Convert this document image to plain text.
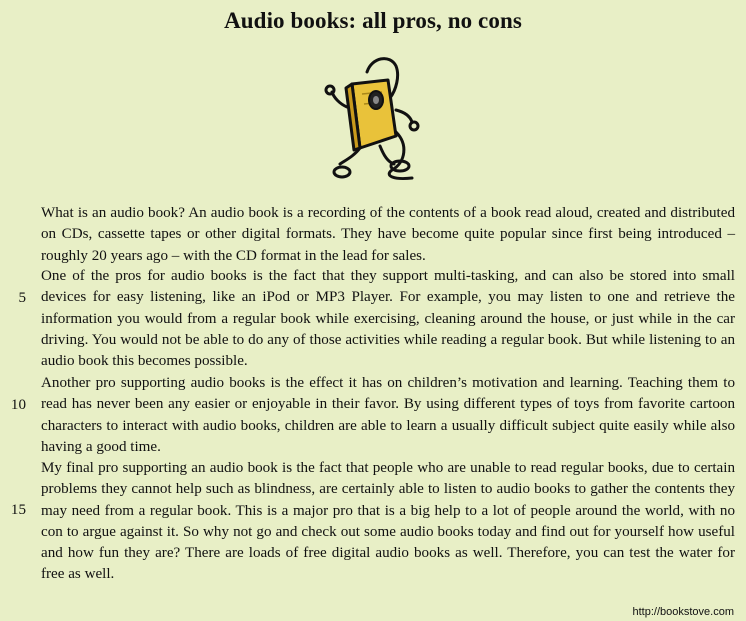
Audio books: all pros, no cons

What is an audio book? An audio book is a recording of the contents of a book read aloud, created and distributed on CDs, cassette tapes or other digital formats. They have become quite popular since first being introduced – roughly 20 years ago – with the CD format in the lead for sales.

One of the pros for audio books is the fact that they support multi-tasking, and can also be stored into small devices for easy listening, like an iPod or MP3 Player. For example, you may listen to one and retrieve the information you would from a regular book while exercising, cleaning around the house, or just while in the car driving. You would not be able to do any of those activities while reading a regular book. But while listening to an audio book this becomes possible.

Another pro supporting audio books is the effect it has on children’s motivation and learning. Teaching them to read has never been any easier or enjoyable in their favor. By using different types of toys from favorite cartoon characters to interact with audio books, children are able to learn a usually difficult subject quite easily while also having a good time.

My final pro supporting an audio book is the fact that people who are unable to read regular books, due to certain problems they cannot help such as blindness, are certainly able to listen to audio books to gather the contents they may need from a regular book. This is a major pro that is a big help to a lot of people around the world, with no con to argue against it. So why not go and check out some audio books today and find out for yourself how useful and how fun they are? There are loads of free digital audio books as well. Therefore, you can test the water for free as well.

5
10
15
http://bookstove.com
